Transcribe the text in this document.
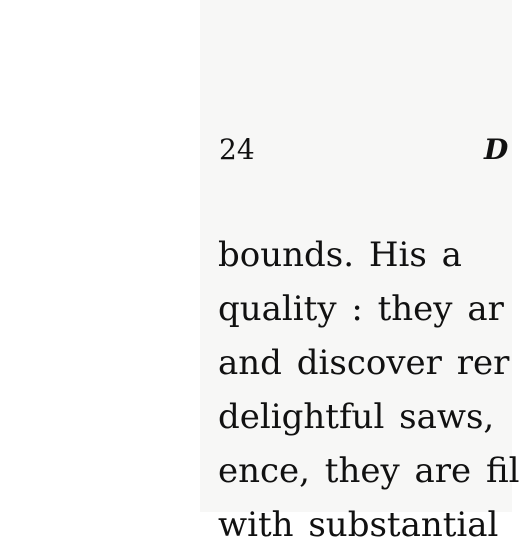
24	D
bounds. His a
quality : they ar
and discover rer
delightful saws,
ence, they are fil
with substantial
